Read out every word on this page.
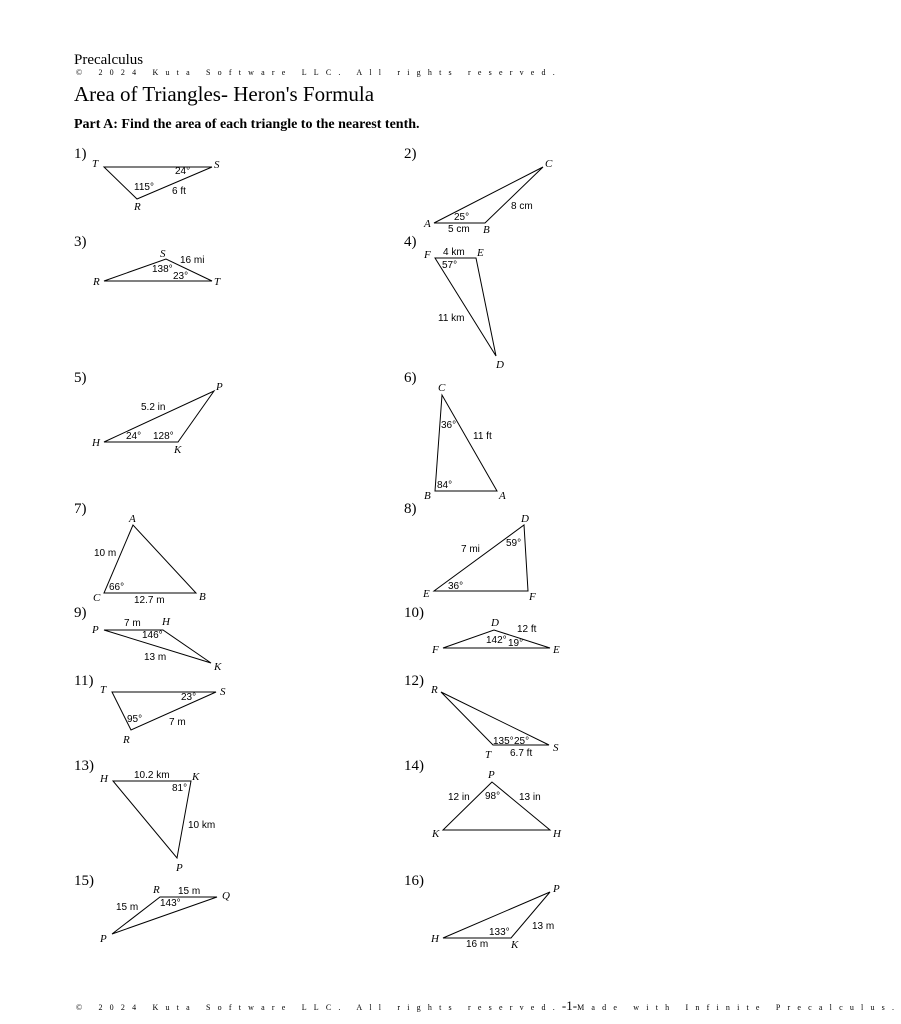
Precalculus
© 2024 Kuta Software LLC. All rights reserved.
Area of Triangles- Heron's Formula
Part A: Find the area of each triangle to the nearest tenth.
1)	2)
3)	4)
5)	6)
7)	8)
9)	10)
11)	12)
13)	14)
15)	16)
T	S
R
24°
115° 6 ft
C
A	B
8 cm
25°
5 cm
S
R	T
16 mi
138°
23°
F	E
D
4 km
57°
11 km
P
H
K
5.2 in
24° 128°
C
B	A
36°
11 ft
84°
A
C	B
10 m
66°
12.7 m
D
E	F
7 mi
59°
36°
P
H
K
7 m
146°
13 m
D
F	E
12 ft
142° 19°
T	S
R
23°
95°	7 m
R
T
S
135° 25°
6.7 ft
H	K
P
10.2 km
81°
10 km
P
K	H
12 in 98° 13 in
R	Q
P
15 m
143°
15 m
P
H	K
13 m
133°
16 m
© 2024 Kuta Software LLC. All rights reserved.-1-Made with Infinite Precalculus.
